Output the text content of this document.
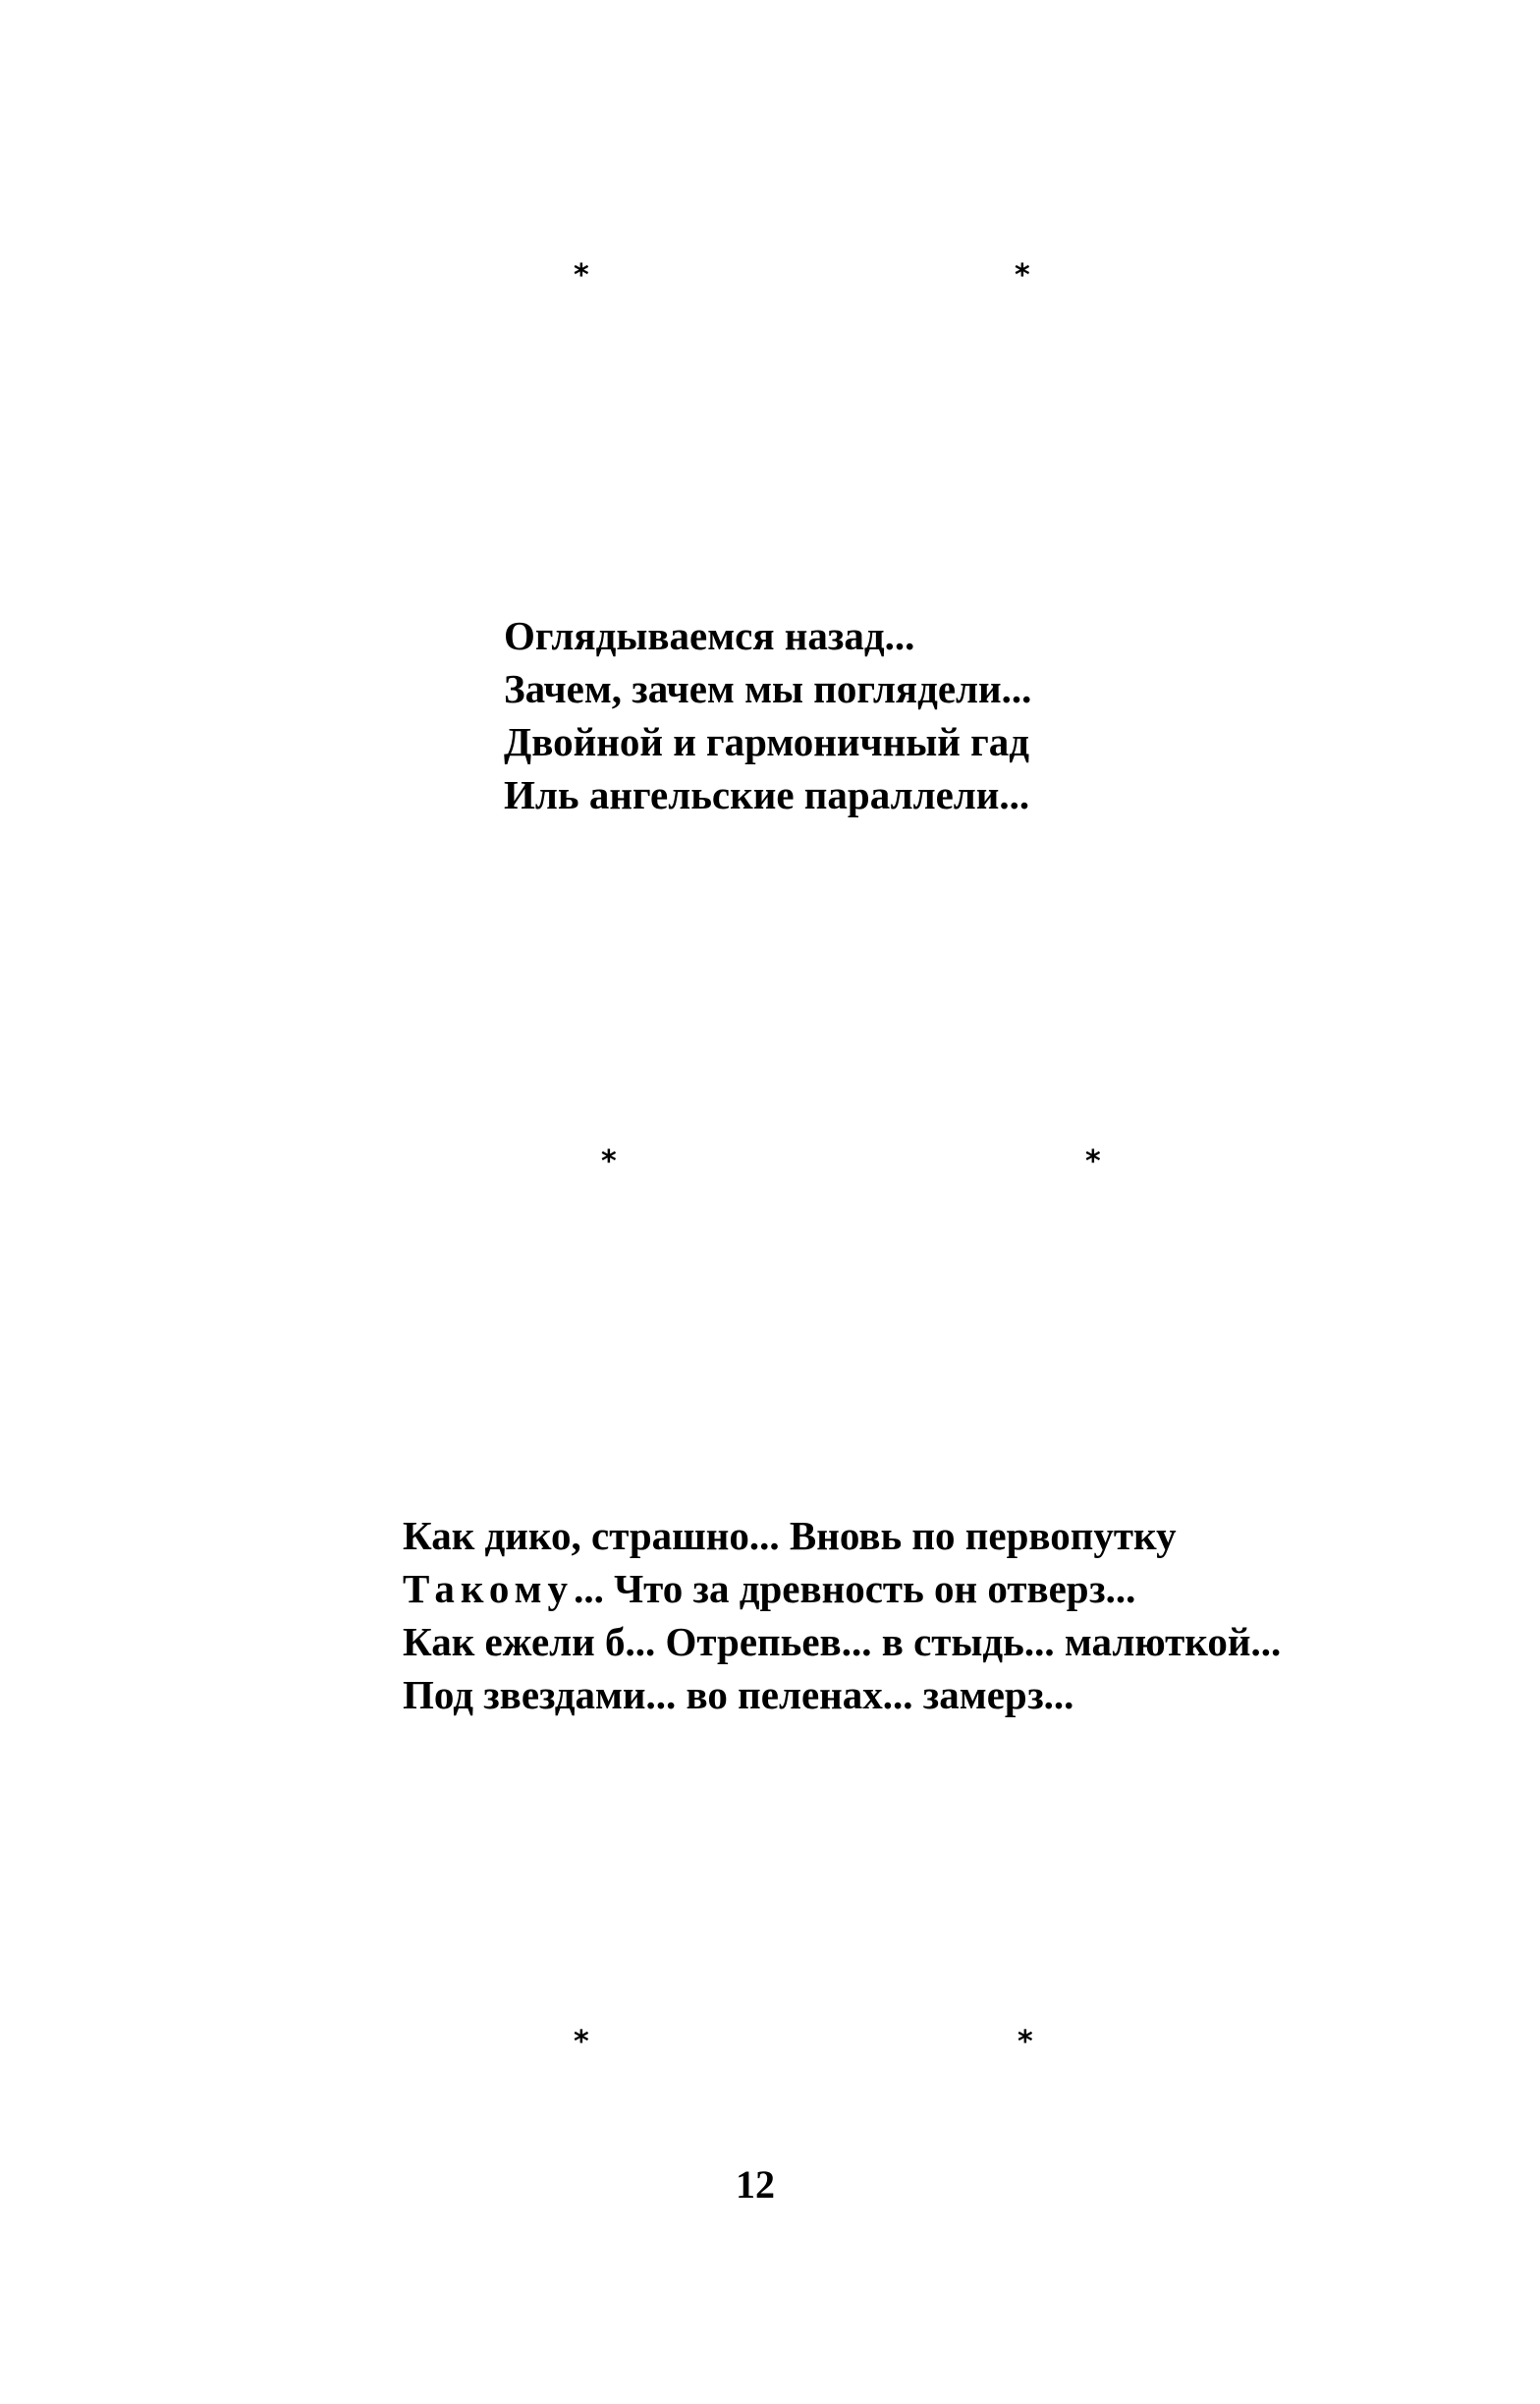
*	*
Оглядываемся назад...
Зачем, зачем мы поглядели...
Двойной и гармоничный гад
Иль ангельские параллели...
*	*
Как дико, страшно... Вновь по первопутку
Такому... Что за древность он отверз...
Как ежели б... Отрепьев... в стыдь... малюткой...
Под звездами... во пеленах... замерз...
*	*
12
